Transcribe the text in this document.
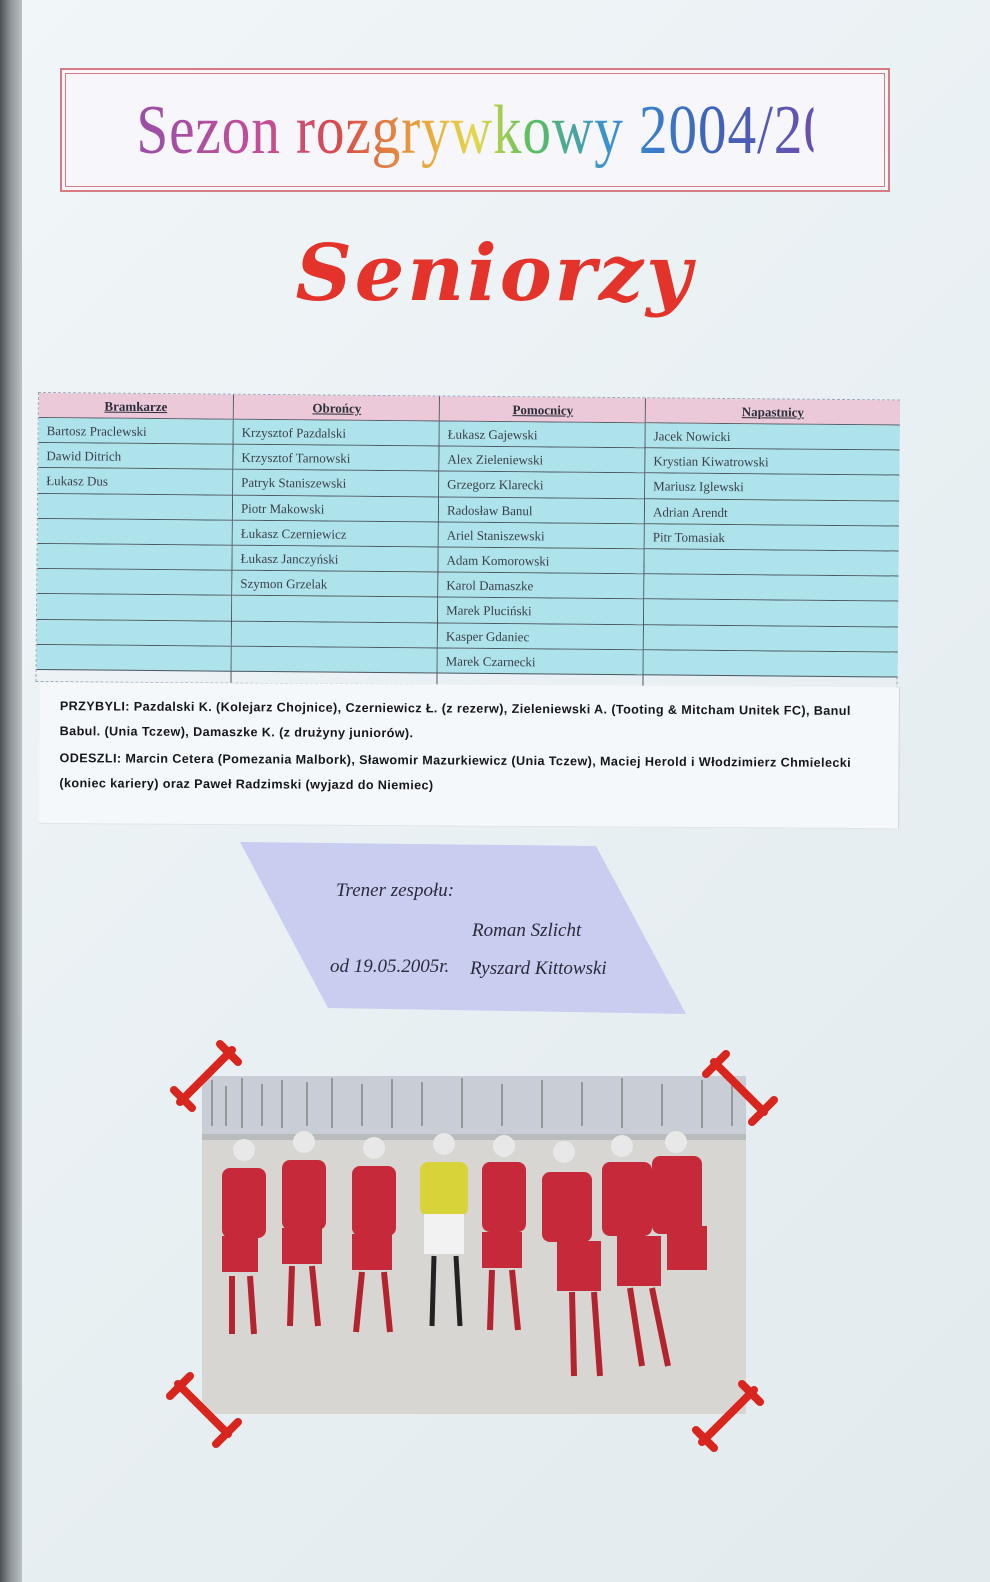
Sezon rozgrywkowy 2004/2005
Seniorzy
Bramkarze
Bartosz Praclewski
Dawid Ditrich
Łukasz Dus
Obrońcy
Krzysztof Pazdalski
Krzysztof Tarnowski
Patryk Staniszewski
Piotr Makowski
Łukasz Czerniewicz
Łukasz Janczyński
Szymon Grzelak
Pomocnicy
Łukasz Gajewski
Alex Zieleniewski
Grzegorz Klarecki
Radosław Banul
Ariel Staniszewski
Adam Komorowski
Karol Damaszke
Marek Pluciński
Kasper Gdaniec
Marek Czarnecki
Napastnicy
Jacek Nowicki
Krystian Kiwatrowski
Mariusz Iglewski
Adrian Arendt
Pitr Tomasiak

PRZYBYLI: Pazdalski K. (Kolejarz Chojnice), Czerniewicz Ł. (z rezerw), Zieleniewski A. (Tooting & Mitcham Unitek FC), Banul Babul. (Unia Tczew), Damaszke K. (z drużyny juniorów).

ODESZLI: Marcin Cetera (Pomezania Malbork), Sławomir Mazurkiewicz (Unia Tczew), Maciej Herold i Włodzimierz Chmielecki (koniec kariery) oraz Paweł Radzimski (wyjazd do Niemiec)

Trener zespołu:
Roman Szlicht
od 19.05.2005r. Ryszard Kittowski
